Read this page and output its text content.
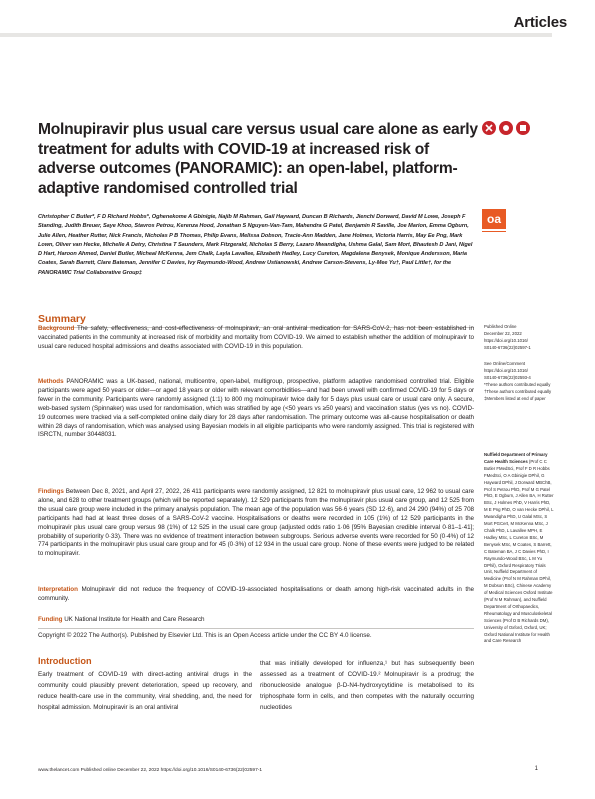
Articles
Molnupiravir plus usual care versus usual care alone as early treatment for adults with COVID-19 at increased risk of adverse outcomes (PANORAMIC): an open-label, platform-adaptive randomised controlled trial
oa
Christopher C Butler*, F D Richard Hobbs*, Oghenekome A Gbinigie, Najib M Rahman, Gail Hayward, Duncan B Richards, Jienchi Dorward, David M Lowe, Joseph F Standing, Judith Breuer, Saye Khoo, Stavros Petrou, Kerenza Hood, Jonathan S Nguyen-Van-Tam, Mahendra G Patel, Benjamin R Saville, Joe Marion, Emma Ogburn, Julie Allen, Heather Rutter, Nick Francis, Nicholas P B Thomas, Philip Evans, Melissa Dobson, Tracie-Ann Madden, Jane Holmes, Victoria Harris, May Ee Png, Mark Lown, Oliver van Hecke, Michelle A Detry, Christina T Saunders, Mark Fitzgerald, Nicholas S Berry, Lazaro Mwandigha, Ushma Galal, Sam Mort, Bhautesh D Jani, Nigel D Hart, Haroon Ahmed, Daniel Butler, Micheal McKenna, Jem Chalk, Layla Lavallee, Elizabeth Hadley, Lucy Cureton, Magdalena Benysek, Monique Andersson, Maria Coates, Sarah Barrett, Clare Bateman, Jennifer C Davies, Ivy Raymundo-Wood, Andrew Ustianowski, Andrew Carson-Stevens, Ly-Mee Yu†, Paul Little†, for the PANORAMIC Trial Collaborative Group‡
Summary
Background The safety, effectiveness, and cost-effectiveness of molnupiravir, an oral antiviral medication for SARS-CoV-2, has not been established in vaccinated patients in the community at increased risk of morbidity and mortality from COVID-19. We aimed to establish whether the addition of molnupiravir to usual care reduced hospital admissions and deaths associated with COVID-19 in this population.
Methods PANORAMIC was a UK-based, national, multicentre, open-label, multigroup, prospective, platform adaptive randomised controlled trial. Eligible participants were aged 50 years or older—or aged 18 years or older with relevant comorbidities—and had been unwell with confirmed COVID-19 for 5 days or fewer in the community. Participants were randomly assigned (1:1) to 800 mg molnupiravir twice daily for 5 days plus usual care or usual care only. A secure, web-based system (Spinnaker) was used for randomisation, which was stratified by age (<50 years vs ≥50 years) and vaccination status (yes vs no). COVID-19 outcomes were tracked via a self-completed online daily diary for 28 days after randomisation. The primary outcome was all-cause hospitalisation or death within 28 days of randomisation, which was analysed using Bayesian models in all eligible participants who were randomly assigned. This trial is registered with ISRCTN, number 30448031.
Findings Between Dec 8, 2021, and April 27, 2022, 26 411 participants were randomly assigned, 12 821 to molnupiravir plus usual care, 12 962 to usual care alone, and 628 to other treatment groups (which will be reported separately). 12 529 participants from the molnupiravir plus usual care group, and 12 525 from the usual care group were included in the primary analysis population. The mean age of the population was 56·6 years (SD 12·6), and 24 290 (94%) of 25 708 participants had had at least three doses of a SARS-CoV-2 vaccine. Hospitalisations or deaths were recorded in 105 (1%) of 12 529 participants in the molnupiravir plus usual care group versus 98 (1%) of 12 525 in the usual care group (adjusted odds ratio 1·06 [95% Bayesian credible interval 0·81–1·41]; probability of superiority 0·33). There was no evidence of treatment interaction between subgroups. Serious adverse events were recorded for 50 (0·4%) of 12 774 participants in the molnupiravir plus usual care group and for 45 (0·3%) of 12 934 in the usual care group. None of these events were judged to be related to molnupiravir.
Interpretation Molnupiravir did not reduce the frequency of COVID-19-associated hospitalisations or death among high-risk vaccinated adults in the community.
Funding UK National Institute for Health and Care Research
Copyright © 2022 The Author(s). Published by Elsevier Ltd. This is an Open Access article under the CC BY 4.0 license.
Introduction
Early treatment of COVID-19 with direct-acting antiviral drugs in the community could plausibly prevent deterioration, speed up recovery, and reduce health-care use in the community, viral shedding, and, the need for hospital admission. Molnupiravir is an oral antiviral
that was initially developed for influenza,¹ but has subsequently been assessed as a treatment of COVID-19.² Molnupiravir is a prodrug; the ribonucleoside analogue β-D-N4-hydroxycytidine is metabolised to its triphosphate form in cells, and then competes with the naturally occurring nucleotides
Published Online
December 22, 2022
https://doi.org/10.1016/
S0140-6736(22)02597-1
See Online/Comment
https://doi.org/10.1016/
S0140-6736(22)02593-4
*These authors contributed equally †These authors contributed equally ‡Members listed at end of paper
Nuffield Department of Primary Care Health Sciences (Prof C C Butler FMedSci, Prof F D R Hobbs FMedSci, O A Gbinigie DPhil, G Hayward DPhil, J Dorward MBChB, Prof S Petrou PhD, Prof M G Patel PhD, E Ogburn, J Allen BA, H Rutter BSc, J Holmes PhD, V Harris PhD, M E Png PhD, O van Hecke DPhil, L Mwandigha PhD, U Galal MSc, S Mort PGCert, M McKenna MSc, J Chalk PhD, L Lavallee MPH, E Hadley MSc, L Cureton BSc, M Benysek MSc, M Coates, S Barrett, C Bateman BA, J C Davies PhD, I Raymundo-Wood BSc, L M Yu DPhil), Oxford Respiratory Trials Unit, Nuffield Department of Medicine (Prof N M Rahman DPhil, M Dobson BSc), Chinese Academy of Medical Sciences Oxford Institute (Prof N M Rahman), and Nuffield Department of Orthopaedics, Rheumatology and Musculoskeletal Sciences (Prof D B Richards DM), University of Oxford, Oxford, UK; Oxford National Institute for Health and Care Research
www.thelancet.com Published online December 22, 2022 https://doi.org/10.1016/S0140-6736(22)02597-1	1
